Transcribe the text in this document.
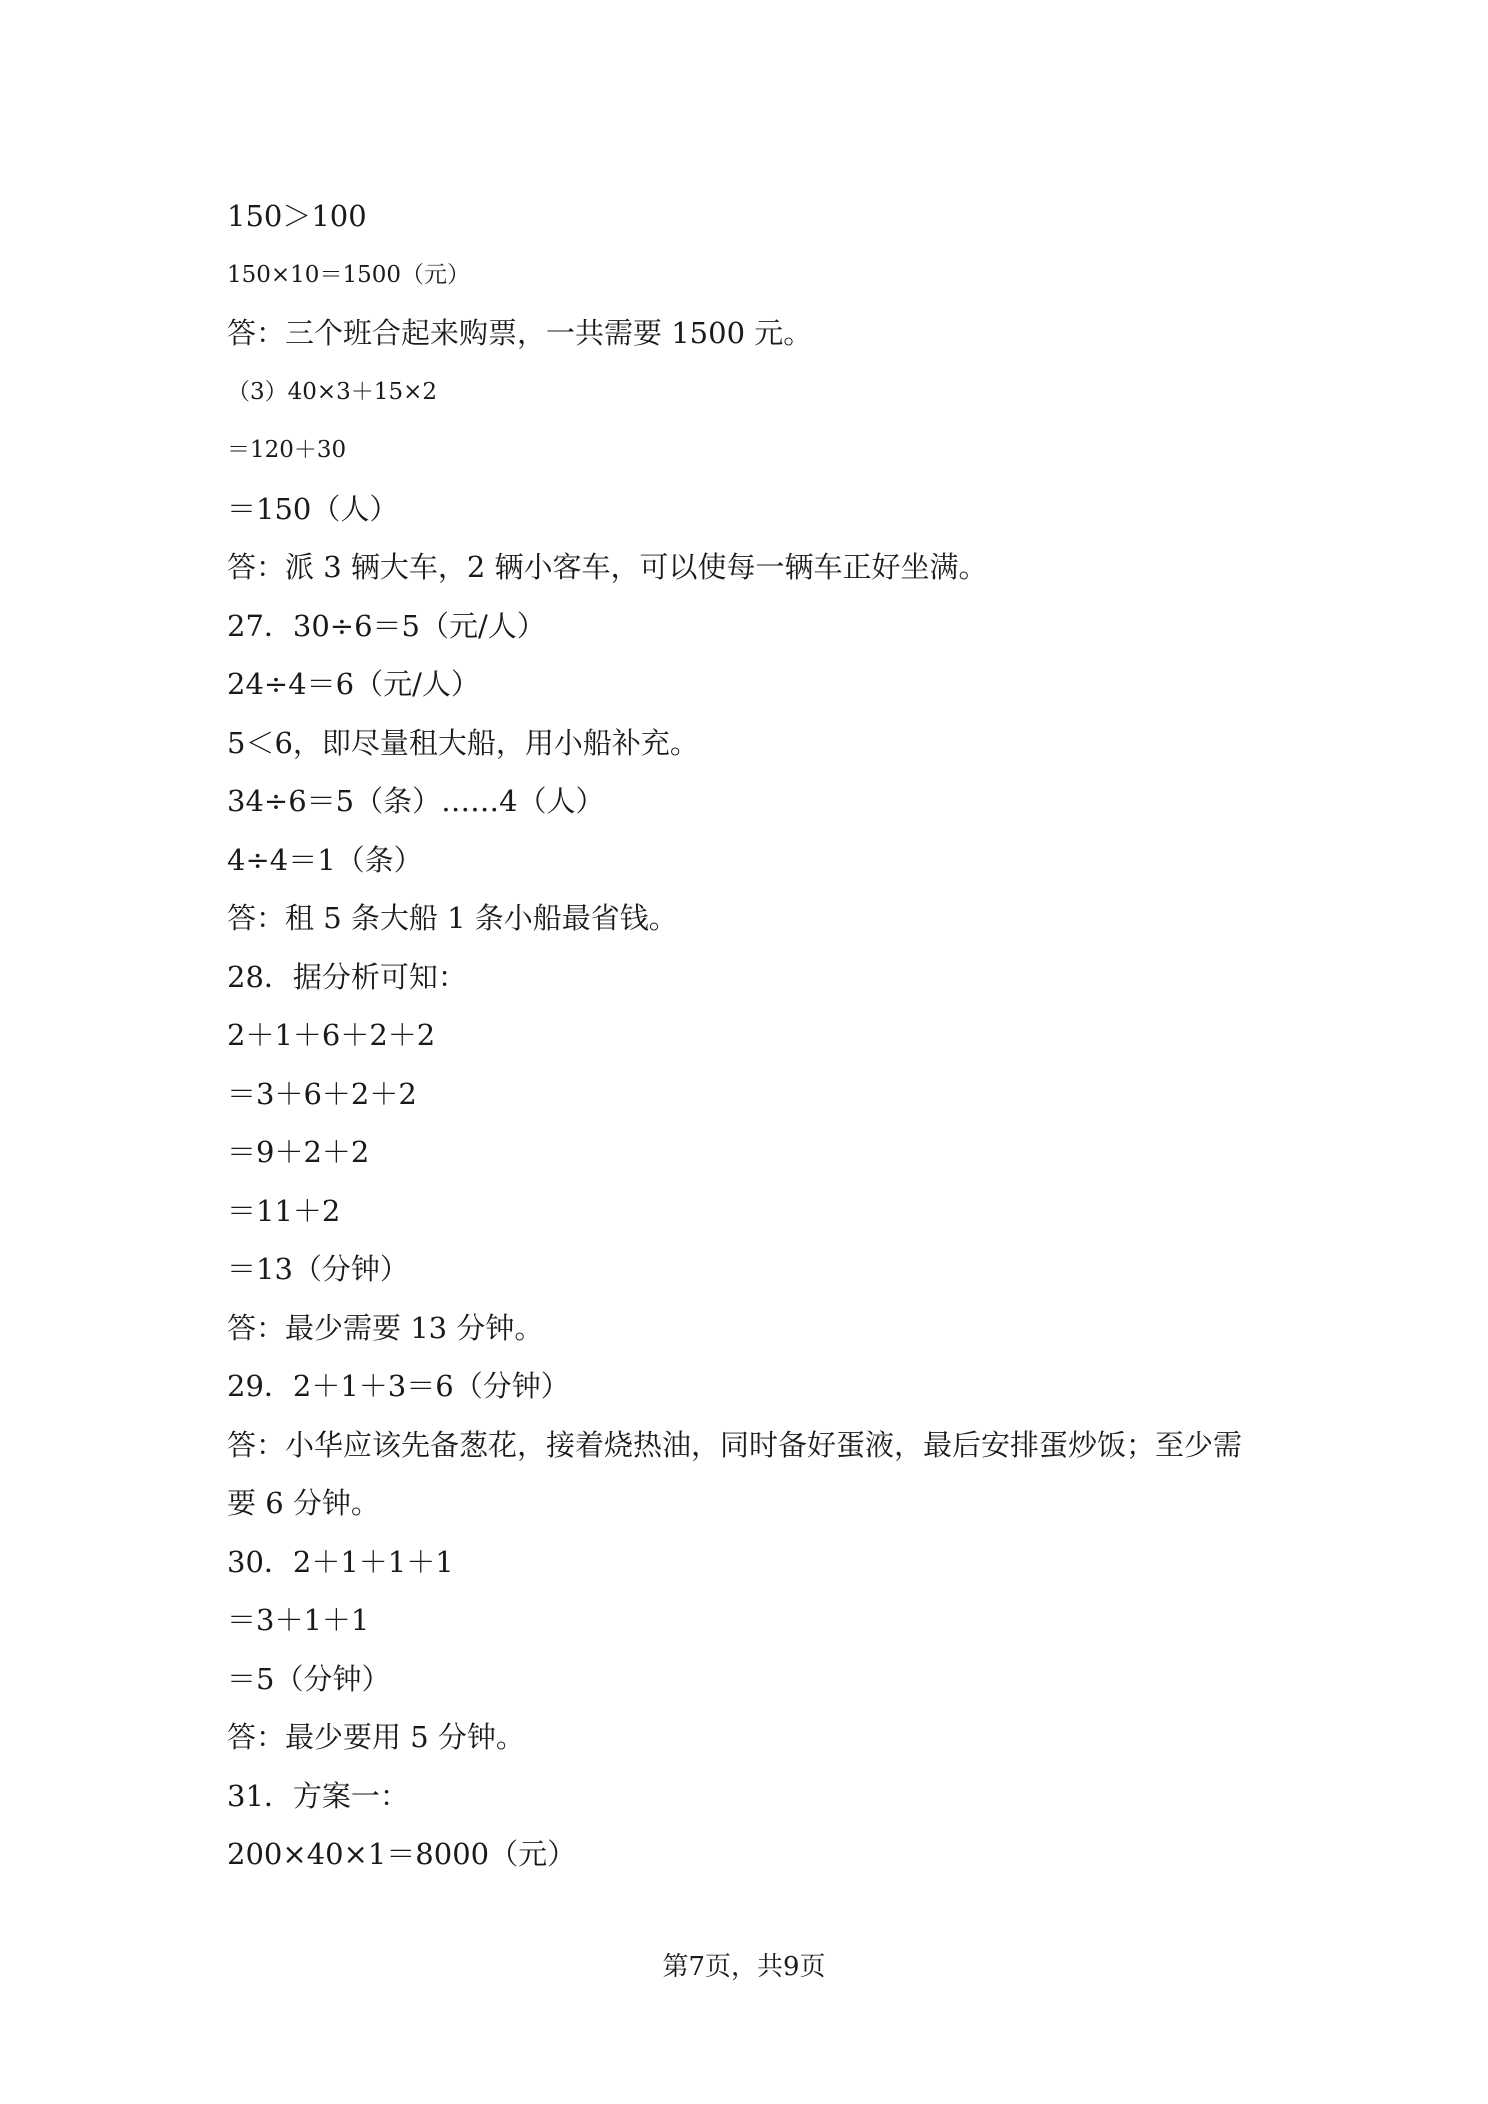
150＞100
150×10＝1500（元）
答：三个班合起来购票，一共需要 1500 元。
（3）40×3＋15×2
＝120＋30
＝150（人）
答：派 3 辆大车，2 辆小客车，可以使每一辆车正好坐满。
27．30÷6＝5（元/人）
24÷4＝6（元/人）
5＜6，即尽量租大船，用小船补充。
34÷6＝5（条）……4（人）
4÷4＝1（条）
答：租 5 条大船 1 条小船最省钱。
28．据分析可知：
2＋1＋6＋2＋2
＝3＋6＋2＋2
＝9＋2＋2
＝11＋2
＝13（分钟）
答：最少需要 13 分钟。
29．2＋1＋3＝6（分钟）
答：小华应该先备葱花，接着烧热油，同时备好蛋液，最后安排蛋炒饭；至少需
要 6 分钟。
30．2＋1＋1＋1
＝3＋1＋1
＝5（分钟）
答：最少要用 5 分钟。
31．方案一：
200×40×1＝8000（元）
第7页，共9页
